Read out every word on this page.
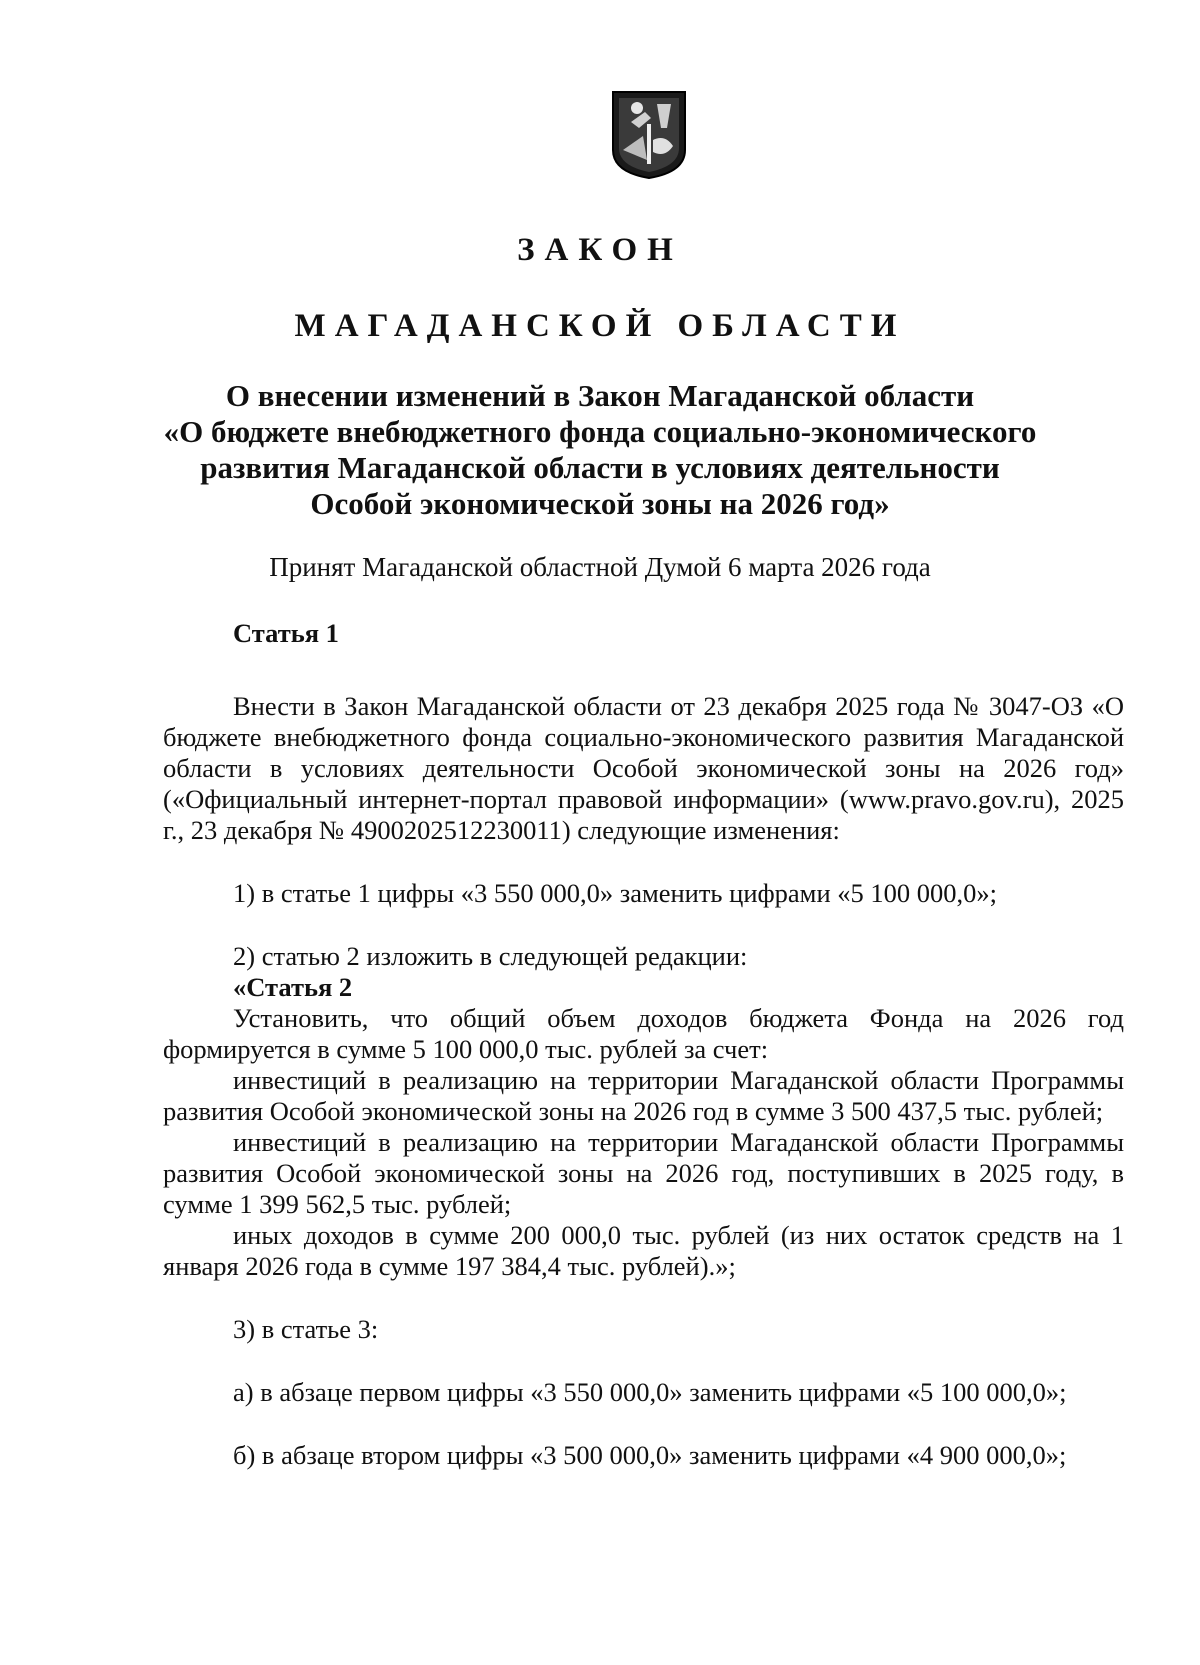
ЗАКОН
МАГАДАНСКОЙ ОБЛАСТИ
О внесении изменений в Закон Магаданской области
«О бюджете внебюджетного фонда социально-экономического
развития Магаданской области в условиях деятельности
Особой экономической зоны на 2026 год»
Принят Магаданской областной Думой 6 марта 2026 года

Статья 1

Внести в Закон Магаданской области от 23 декабря 2025 года № 3047-ОЗ «О бюджете внебюджетного фонда социально-экономического развития Магаданской области в условиях деятельности Особой экономической зоны на 2026 год» («Официальный интернет-портал правовой информации» (www.pravo.gov.ru), 2025 г., 23 декабря № 4900202512230011) следующие изменения:

1) в статье 1 цифры «3 550 000,0» заменить цифрами «5 100 000,0»;

2) статью 2 изложить в следующей редакции:

«Статья 2

Установить, что общий объем доходов бюджета Фонда на 2026 год формируется в сумме 5 100 000,0 тыс. рублей за счет:

инвестиций в реализацию на территории Магаданской области Программы развития Особой экономической зоны на 2026 год в сумме 3 500 437,5 тыс. рублей;

инвестиций в реализацию на территории Магаданской области Программы развития Особой экономической зоны на 2026 год, поступивших в 2025 году, в сумме 1 399 562,5 тыс. рублей;

иных доходов в сумме 200 000,0 тыс. рублей (из них остаток средств на 1 января 2026 года в сумме 197 384,4 тыс. рублей).»;

3) в статье 3:

а) в абзаце первом цифры «3 550 000,0» заменить цифрами «5 100 000,0»;

б) в абзаце втором цифры «3 500 000,0» заменить цифрами «4 900 000,0»;
